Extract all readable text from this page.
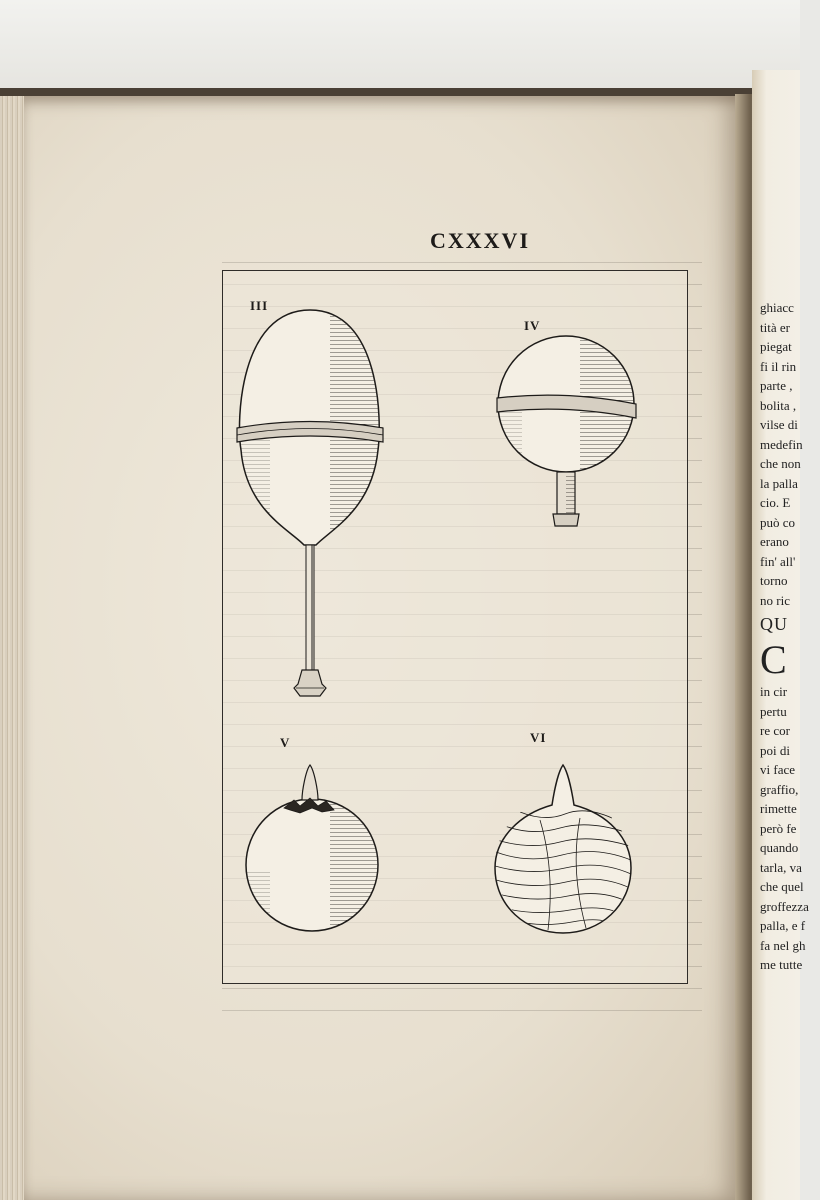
ghiacc
tità er
piegat
fi il rin
parte ,
bolita ,
vilse di
medefin
che non
la palla
cio. E
può co
erano
fin' all'
torno
no ric
QU
C
in cir
pertu
re cor
poi di
vi face
graffio,
rimette
però fe
quando
tarla, va
che quel
groffezza
palla, e f
fa nel gh
me tutte
CXXXVI
III
IV
V	VI
